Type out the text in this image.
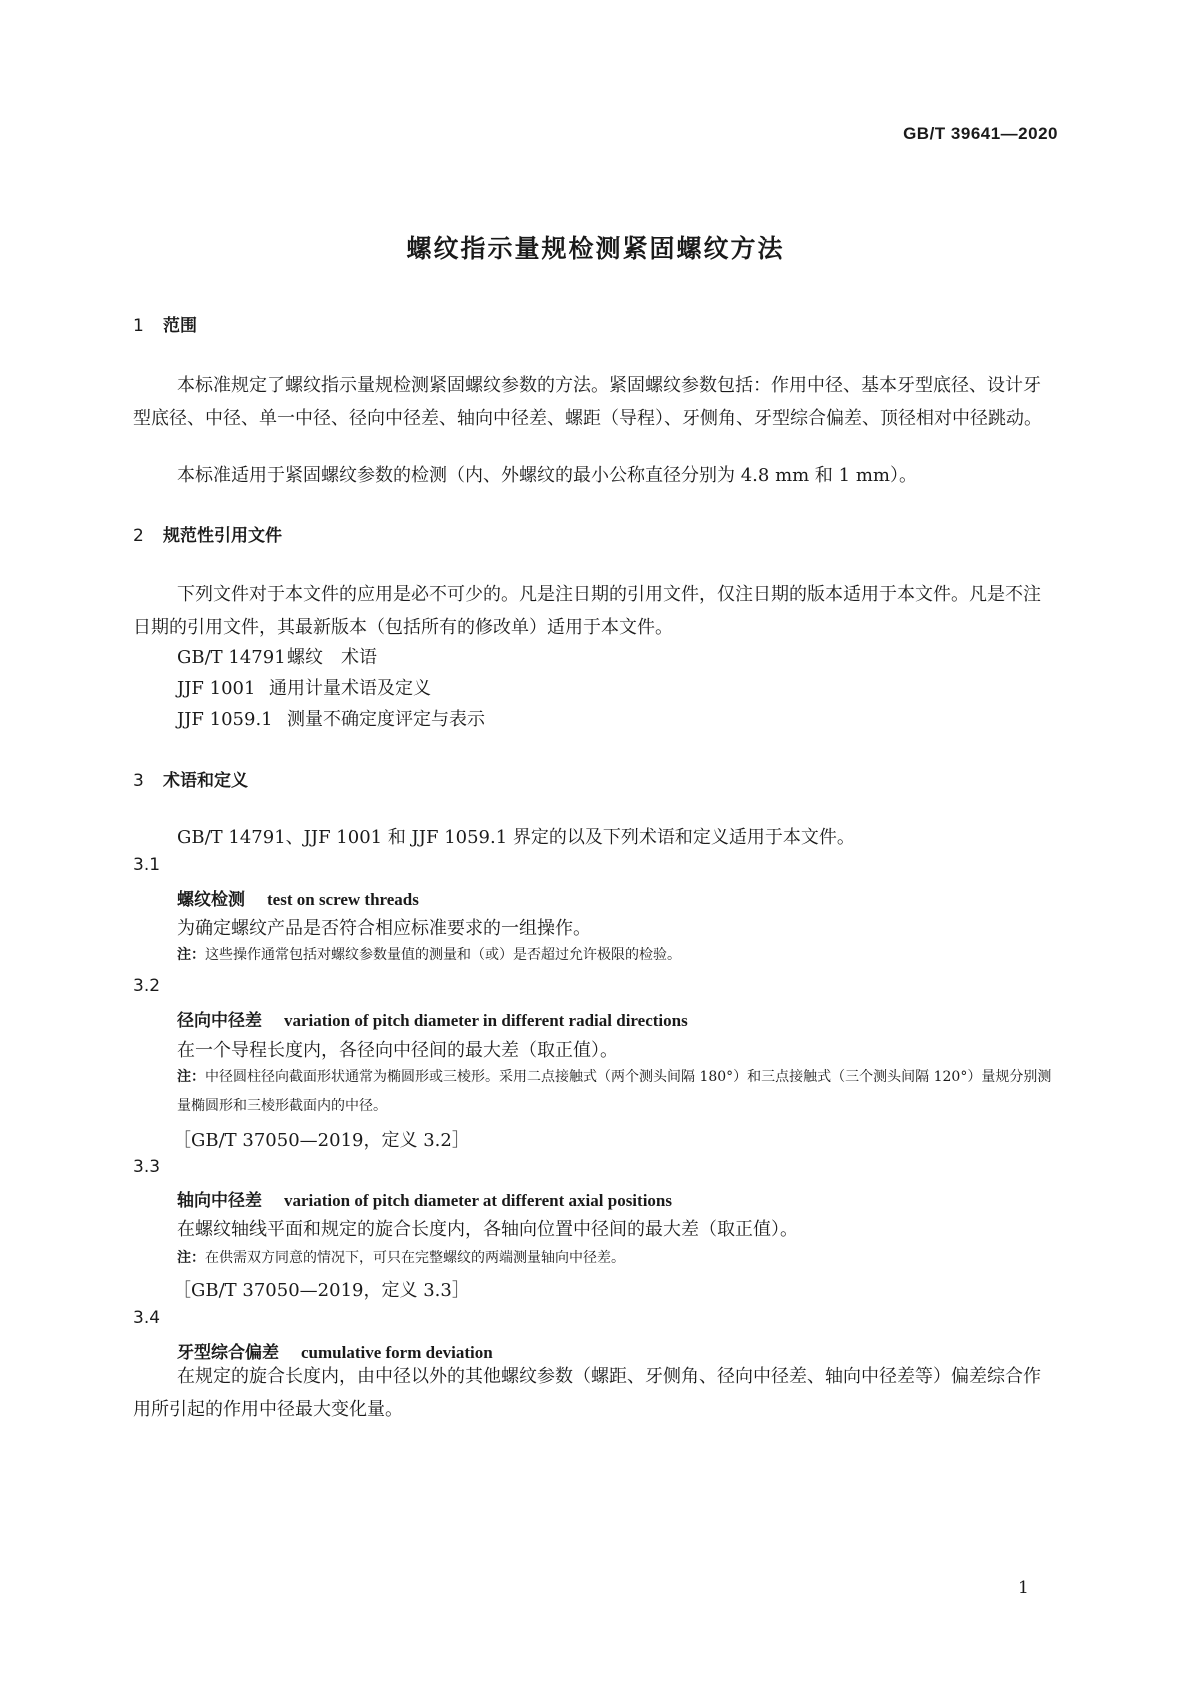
GB/T 39641—2020
螺纹指示量规检测紧固螺纹方法
1 范围
本标准规定了螺纹指示量规检测紧固螺纹参数的方法。紧固螺纹参数包括：作用中径、基本牙型底径、设计牙型底径、中径、单一中径、径向中径差、轴向中径差、螺距（导程）、牙侧角、牙型综合偏差、顶径相对中径跳动。
本标准适用于紧固螺纹参数的检测（内、外螺纹的最小公称直径分别为 4.8 mm 和 1 mm）。
2 规范性引用文件
下列文件对于本文件的应用是必不可少的。凡是注日期的引用文件，仅注日期的版本适用于本文件。凡是不注日期的引用文件，其最新版本（包括所有的修改单）适用于本文件。
GB/T 14791螺纹　术语
JJF 1001 通用计量术语及定义
JJF 1059.1 测量不确定度评定与表示
3 术语和定义
GB/T 14791、JJF 1001 和 JJF 1059.1 界定的以及下列术语和定义适用于本文件。
3.1
螺纹检测 test on screw threads
为确定螺纹产品是否符合相应标准要求的一组操作。
注：这些操作通常包括对螺纹参数量值的测量和（或）是否超过允许极限的检验。
3.2
径向中径差 variation of pitch diameter in different radial directions
在一个导程长度内，各径向中径间的最大差（取正值）。
注：中径圆柱径向截面形状通常为椭圆形或三棱形。采用二点接触式（两个测头间隔 180°）和三点接触式（三个测头间隔 120°）量规分别测量椭圆形和三棱形截面内的中径。
［GB/T 37050—2019，定义 3.2］
3.3
轴向中径差 variation of pitch diameter at different axial positions
在螺纹轴线平面和规定的旋合长度内，各轴向位置中径间的最大差（取正值）。
注：在供需双方同意的情况下，可只在完整螺纹的两端测量轴向中径差。
［GB/T 37050—2019，定义 3.3］
3.4
牙型综合偏差 cumulative form deviation
在规定的旋合长度内，由中径以外的其他螺纹参数（螺距、牙侧角、径向中径差、轴向中径差等）偏差综合作用所引起的作用中径最大变化量。
1
